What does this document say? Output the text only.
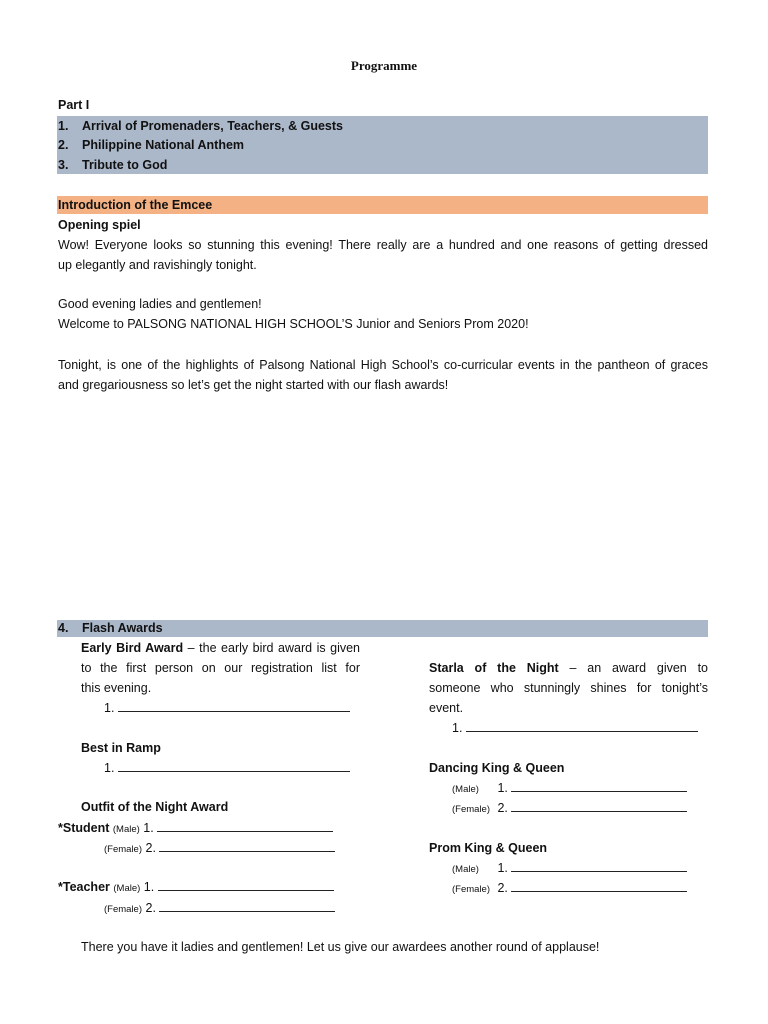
Programme
Part I
1. Arrival of Promenaders, Teachers, & Guests
2. Philippine National Anthem
3. Tribute to God
Introduction of the Emcee
Opening spiel
Wow! Everyone looks so stunning this evening! There really are a hundred and one reasons of getting dressed
up elegantly and ravishingly tonight.
Good evening ladies and gentlemen!
Welcome to PALSONG NATIONAL HIGH SCHOOL’S Junior and Seniors Prom 2020!
Tonight, is one of the highlights of Palsong National High School’s co-curricular events in the pantheon of graces
and gregariousness so let’s get the night started with our flash awards!
4. Flash Awards
Early Bird Award – the early bird award is given
to the first person on our registration list for
this evening.
1.
Best in Ramp
1.
Outfit of the Night Award
*Student (Male) 1.
(Female) 2.
*Teacher (Male) 1.
(Female) 2.
Starla of the Night – an award given to
someone who stunningly shines for tonight’s
event.
1.
Dancing King & Queen
(Male) 1.
(Female) 2.
Prom King & Queen
(Male) 1.
(Female) 2.
There you have it ladies and gentlemen! Let us give our awardees another round of applause!
